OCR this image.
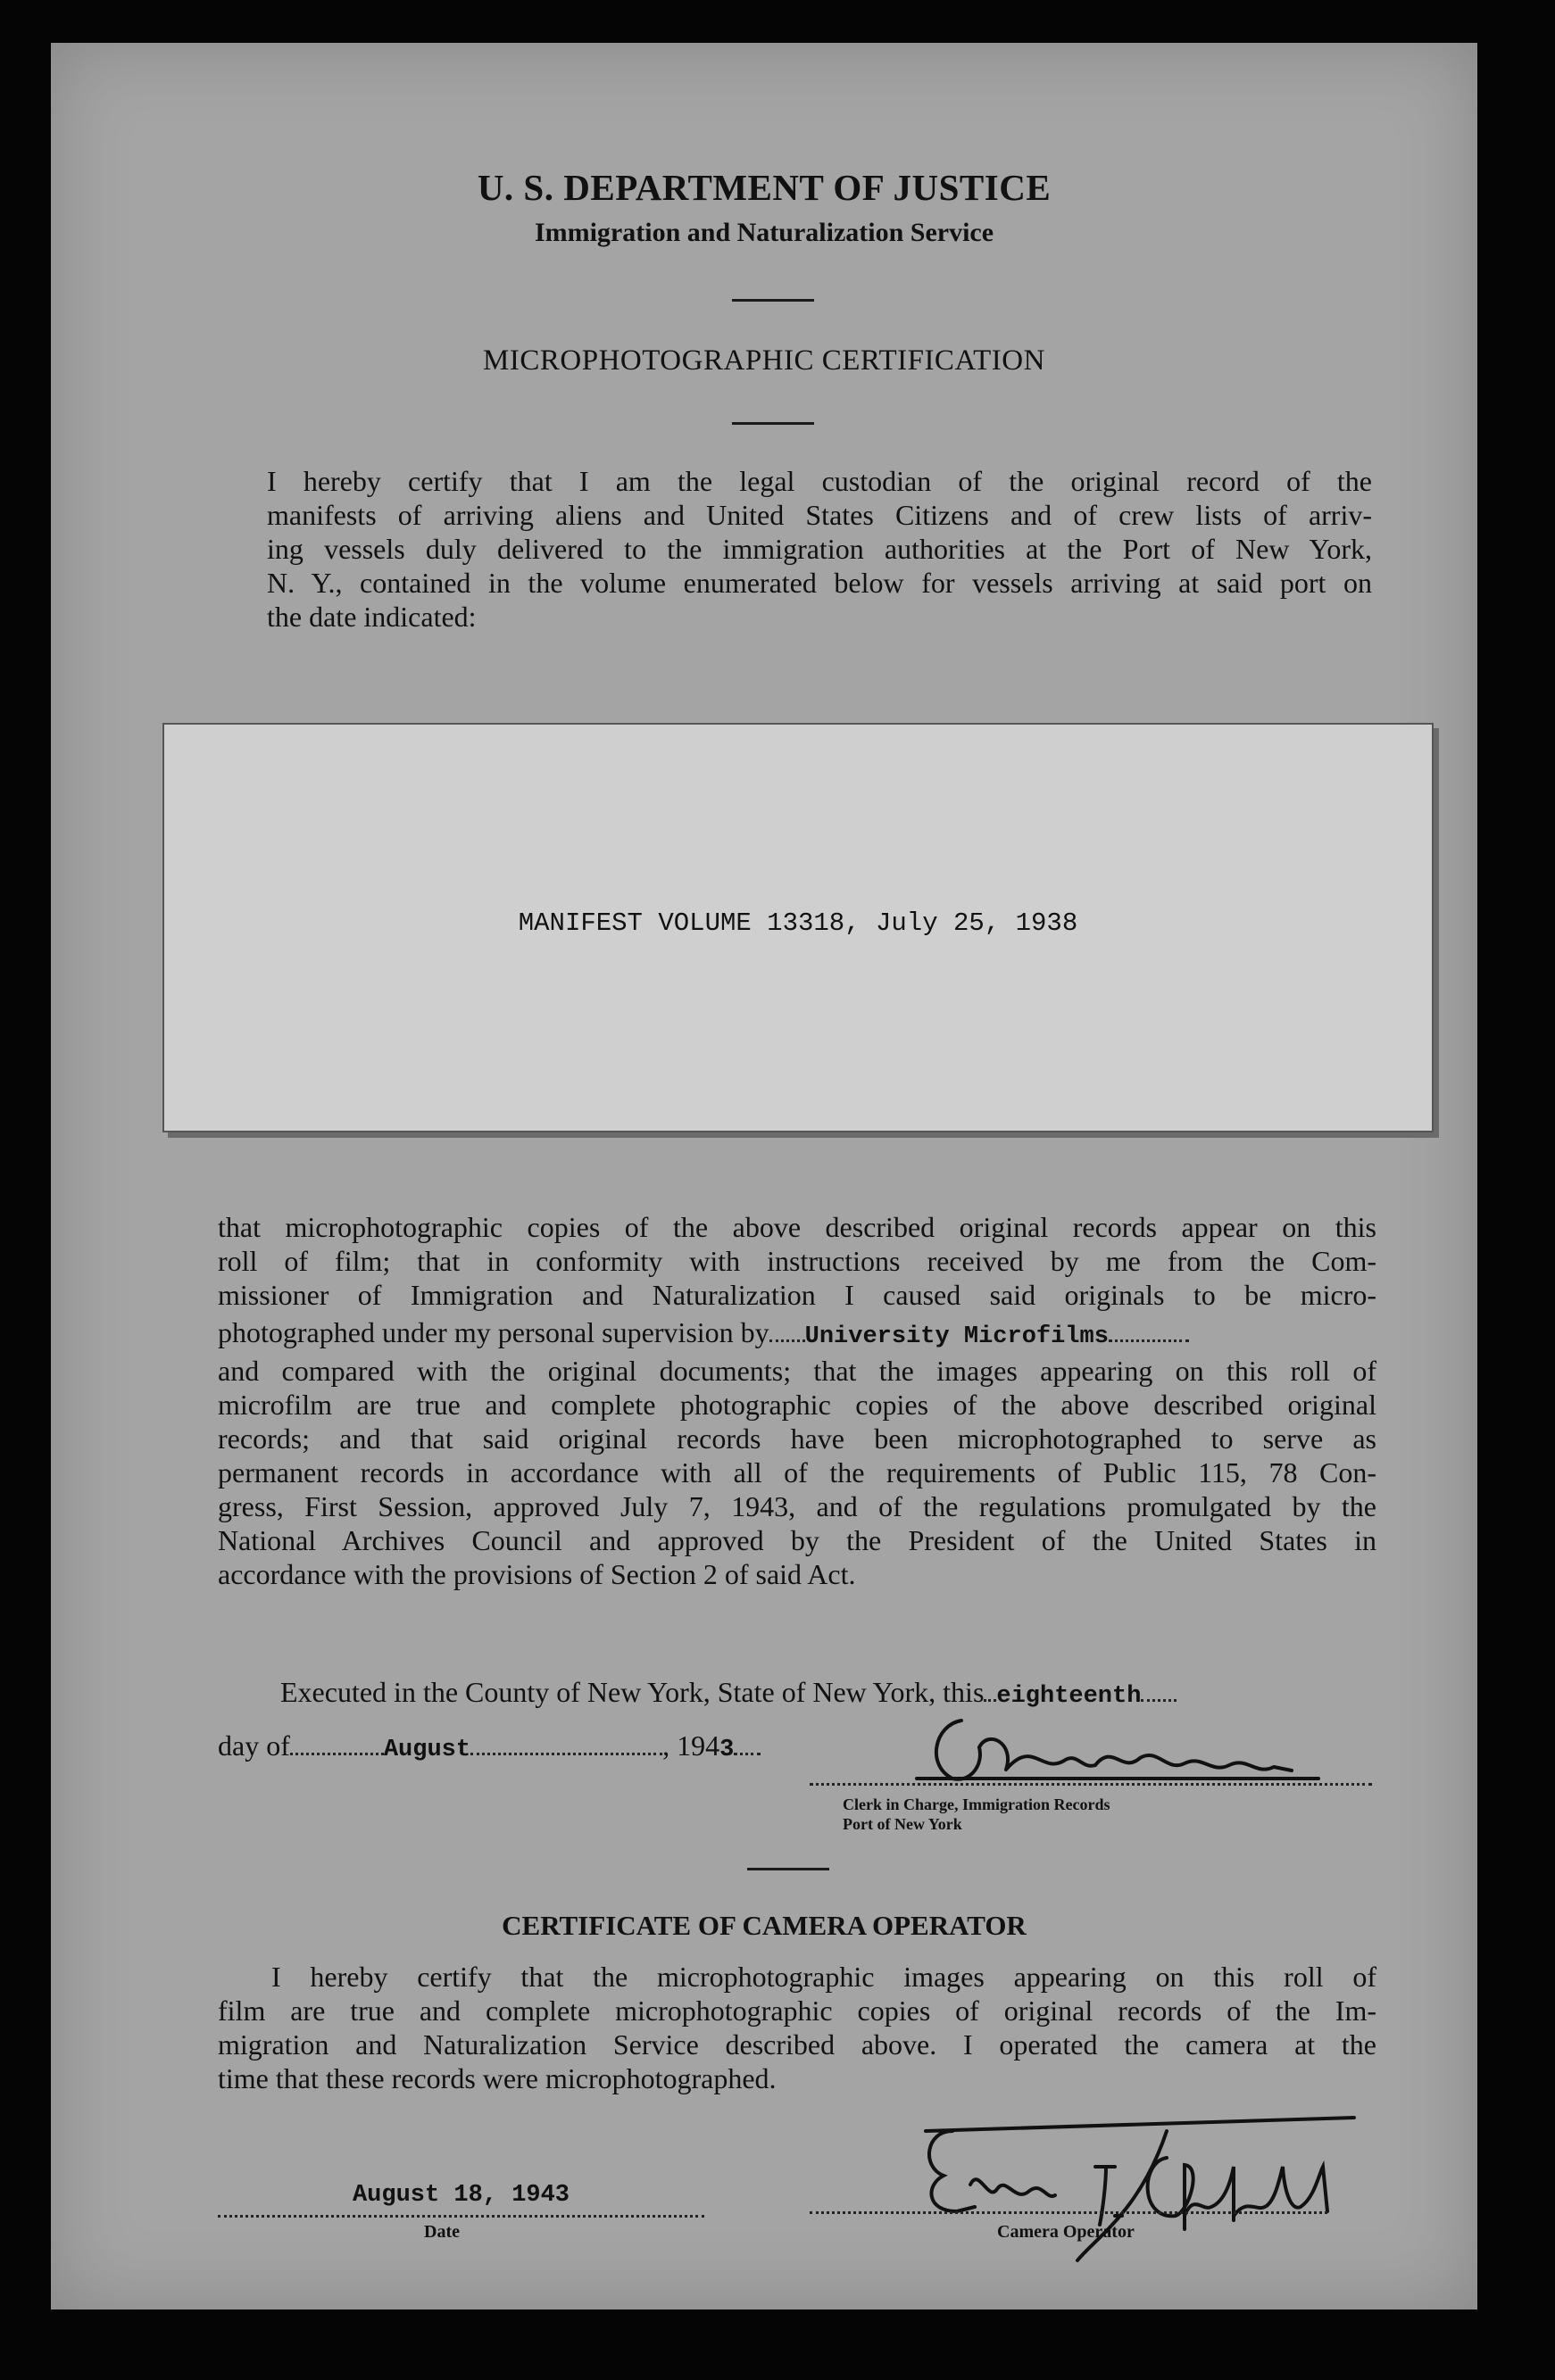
U. S. DEPARTMENT OF JUSTICE
Immigration and Naturalization Service
MICROPHOTOGRAPHIC CERTIFICATION
I hereby certify that I am the legal custodian of the original record of the
manifests of arriving aliens and United States Citizens and of crew lists of arriv-
ing vessels duly delivered to the immigration authorities at the Port of New York,
N. Y., contained in the volume enumerated below for vessels arriving at said port on
the date indicated:
MANIFEST VOLUME 13318, July 25, 1938
that microphotographic copies of the above described original records appear on this
roll of film; that in conformity with instructions received by me from the Com-
missioner of Immigration and Naturalization I caused said originals to be micro-
photographed under my personal supervision by University Microfilms
and compared with the original documents; that the images appearing on this roll of
microfilm are true and complete photographic copies of the above described original
records; and that said original records have been microphotographed to serve as
permanent records in accordance with all of the requirements of Public 115, 78 Con-
gress, First Session, approved July 7, 1943, and of the regulations promulgated by the
National Archives Council and approved by the President of the United States in
accordance with the provisions of Section 2 of said Act.
Executed in the County of New York, State of New York, this eighteenth
day of	August	, 1943
Clerk in Charge, Immigration Records
Port of New York
CERTIFICATE OF CAMERA OPERATOR
I hereby certify that the microphotographic images appearing on this roll of
film are true and complete microphotographic copies of original records of the Im-
migration and Naturalization Service described above. I operated the camera at the
time that these records were microphotographed.
August 18, 1943
Date	Camera Operator
